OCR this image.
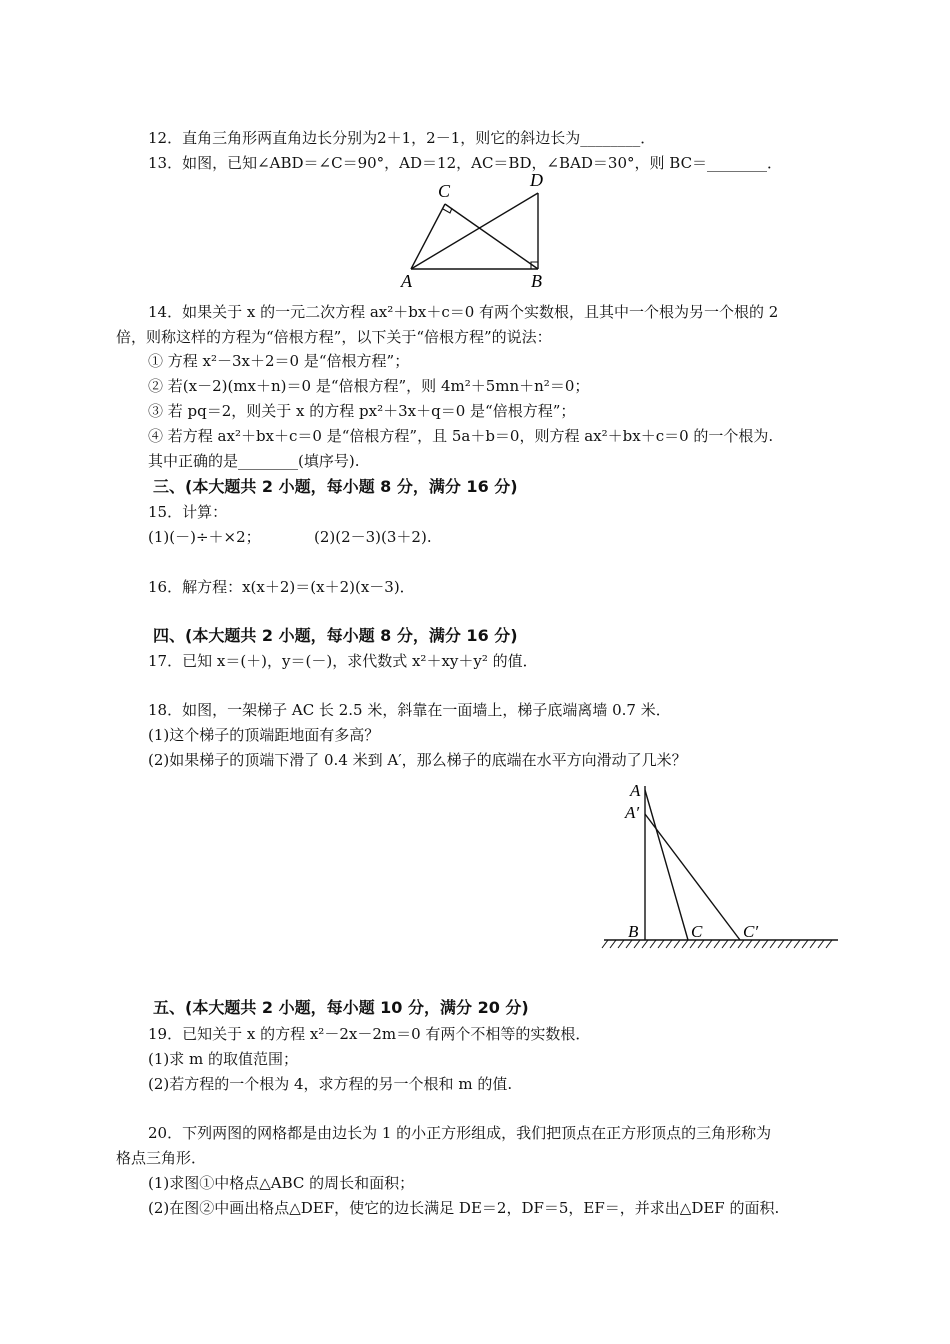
12．直角三角形两直角边长分别为2＋1，2－1，则它的斜边长为________．
13．如图，已知∠ABD＝∠C＝90°，AD＝12，AC＝BD，∠BAD＝30°，则 BC＝________．
C
D
A	B
14．如果关于 x 的一元二次方程 ax²＋bx＋c＝0 有两个实数根，且其中一个根为另一个根的 2
倍，则称这样的方程为“倍根方程”，以下关于“倍根方程”的说法：
① 方程 x²－3x＋2＝0 是“倍根方程”；
② 若(x－2)(mx＋n)＝0 是“倍根方程”，则 4m²＋5mn＋n²＝0；
③ 若 pq＝2，则关于 x 的方程 px²＋3x＋q＝0 是“倍根方程”；
④ 若方程 ax²＋bx＋c＝0 是“倍根方程”，且 5a＋b＝0，则方程 ax²＋bx＋c＝0 的一个根为.
其中正确的是________(填序号).
三、(本大题共 2 小题，每小题 8 分，满分 16 分)
15．计算：
(1)(－)÷＋×2；	(2)(2－3)(3＋2).
16．解方程：x(x＋2)＝(x＋2)(x－3)．
四、(本大题共 2 小题，每小题 8 分，满分 16 分)
17．已知 x＝(＋)，y＝(－)，求代数式 x²＋xy＋y² 的值．
18．如图，一架梯子 AC 长 2.5 米，斜靠在一面墙上，梯子底端离墙 0.7 米．
(1)这个梯子的顶端距地面有多高？
(2)如果梯子的顶端下滑了 0.4 米到 A′，那么梯子的底端在水平方向滑动了几米？
A
A′
B	C C′
五、(本大题共 2 小题，每小题 10 分，满分 20 分)
19．已知关于 x 的方程 x²－2x－2m＝0 有两个不相等的实数根．
(1)求 m 的取值范围；
(2)若方程的一个根为 4，求方程的另一个根和 m 的值.
20．下列两图的网格都是由边长为 1 的小正方形组成，我们把顶点在正方形顶点的三角形称为
格点三角形．
(1)求图①中格点△ABC 的周长和面积；
(2)在图②中画出格点△DEF，使它的边长满足 DE＝2，DF＝5，EF＝，并求出△DEF 的面积.
